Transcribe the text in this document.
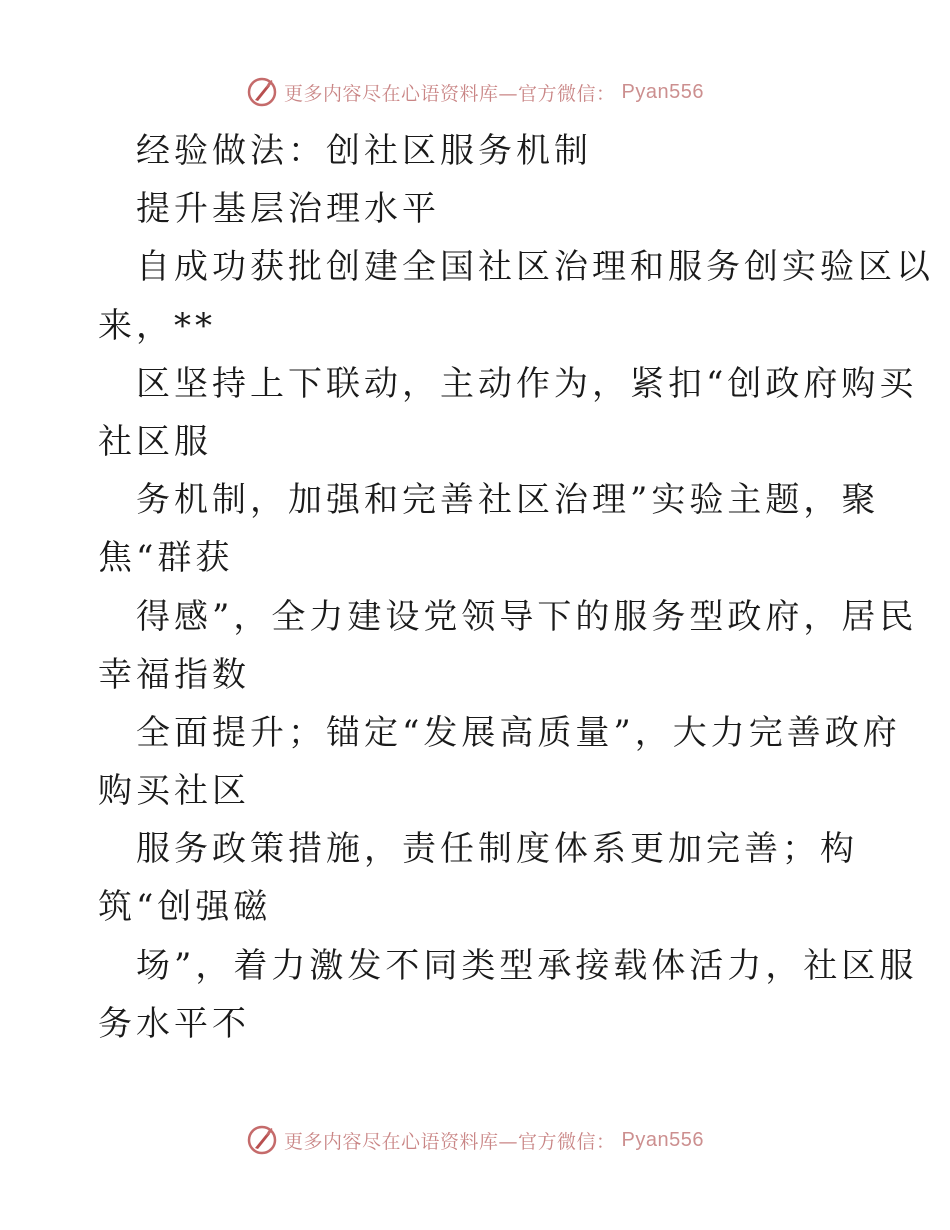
更多内容尽在心语资料库—官方微信： Pyan556
经验做法：创社区服务机制
提升基层治理水平
自成功获批创建全国社区治理和服务创实验区以
来，**
区坚持上下联动，主动作为，紧扣“创政府购买
社区服
务机制，加强和完善社区治理”实验主题，聚
焦“群获
得感”，全力建设党领导下的服务型政府，居民
幸福指数
全面提升；锚定“发展高质量”，大力完善政府
购买社区
服务政策措施，责任制度体系更加完善；构
筑“创强磁
场”，着力激发不同类型承接载体活力，社区服
务水平不
更多内容尽在心语资料库—官方微信： Pyan556
